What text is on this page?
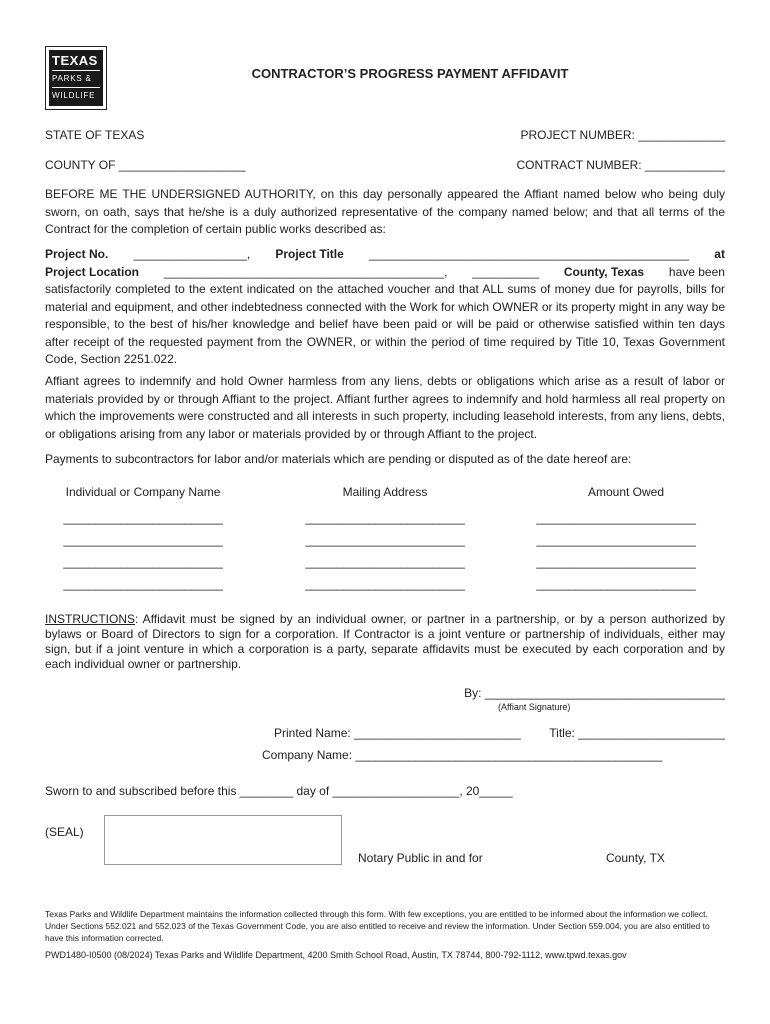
TEXAS
PARKS &
WILDLIFE
CONTRACTOR’S PROGRESS PAYMENT AFFIDAVIT
STATE OF TEXAS	PROJECT NUMBER: _____________
COUNTY OF ___________________	CONTRACT NUMBER: ____________
BEFORE ME THE UNDERSIGNED AUTHORITY, on this day personally appeared the Affiant named below who being duly sworn, on oath, says that he/she is a duly authorized representative of the company named below; and that all terms of the Contract for the completion of certain public works described as:
Project No. _________________, Project Title ________________________________________________ at
Project Location __________________________________________, __________ County, Texas have been
satisfactorily completed to the extent indicated on the attached voucher and that ALL sums of money due for payrolls, bills for material and equipment, and other indebtedness connected with the Work for which OWNER or its property might in any way be responsible, to the best of his/her knowledge and belief have been paid or will be paid or otherwise satisfied within ten days after receipt of the requested payment from the OWNER, or within the period of time required by Title 10, Texas Government Code, Section 2251.022.
Affiant agrees to indemnify and hold Owner harmless from any liens, debts or obligations which arise as a result of labor or materials provided by or through Affiant to the project. Affiant further agrees to indemnify and hold harmless all real property on which the improvements were constructed and all interests in such property, including leasehold interests, from any liens, debts, or obligations arising from any labor or materials provided by or through Affiant to the project.
Payments to subcontractors for labor and/or materials which are pending or disputed as of the date hereof are:
Individual or Company Name	Mailing Address	Amount Owed
_________________________	_________________________	_________________________
_________________________	_________________________	_________________________
_________________________	_________________________	_________________________
_________________________	_________________________	_________________________
INSTRUCTIONS: Affidavit must be signed by an individual owner, or partner in a partnership, or by a person authorized by bylaws or Board of Directors to sign for a corporation. If Contractor is a joint venture or partnership of individuals, either may sign, but if a joint venture in which a corporation is a party, separate affidavits must be executed by each corporation and by each individual owner or partnership.
By: ____________________________________
(Affiant Signature)
Printed Name: _________________________ Title: ______________________
Company Name: ______________________________________________
Sworn to and subscribed before this ________ day of ___________________, 20_____
(SEAL)
Notary Public in and for	County, TX
Texas Parks and Wildlife Department maintains the information collected through this form. With few exceptions, you are entitled to be informed about the information we collect. Under Sections 552.021 and 552.023 of the Texas Government Code, you are also entitled to receive and review the information. Under Section 559.004, you are also entitled to have this information corrected.
PWD1480-I0500 (08/2024) Texas Parks and Wildlife Department, 4200 Smith School Road, Austin, TX 78744, 800-792-1112, www.tpwd.texas.gov
